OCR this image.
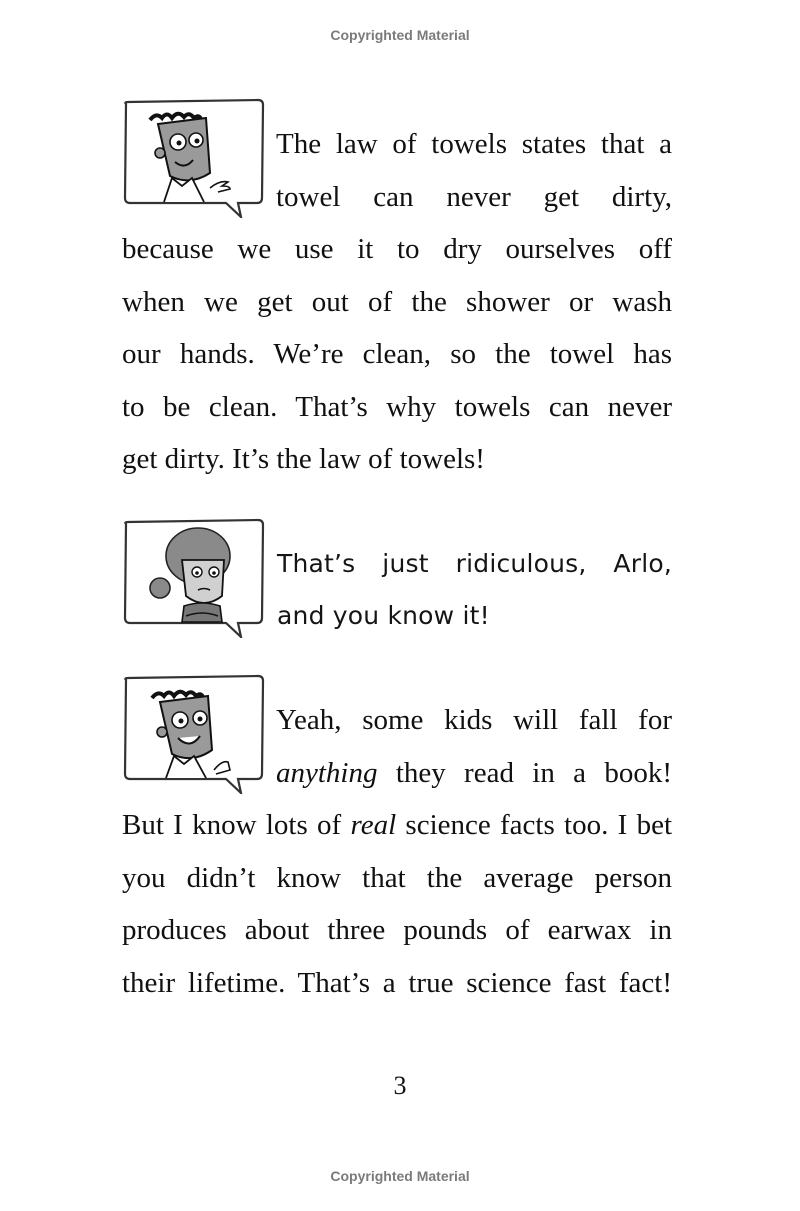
Copyrighted Material
The law of towels states that a
towel can never get dirty,
because we use it to dry ourselves off
when we get out of the shower or wash
our hands. We’re clean, so the towel has
to be clean. That’s why towels can never
get dirty. It’s the law of towels!
That’s just ridiculous, Arlo,
and you know it!
Yeah, some kids will fall for
anything they read in a book!
But I know lots of real science facts too. I bet
you didn’t know that the average person
produces about three pounds of earwax in
their lifetime. That’s a true science fast fact!
3
Copyrighted Material
